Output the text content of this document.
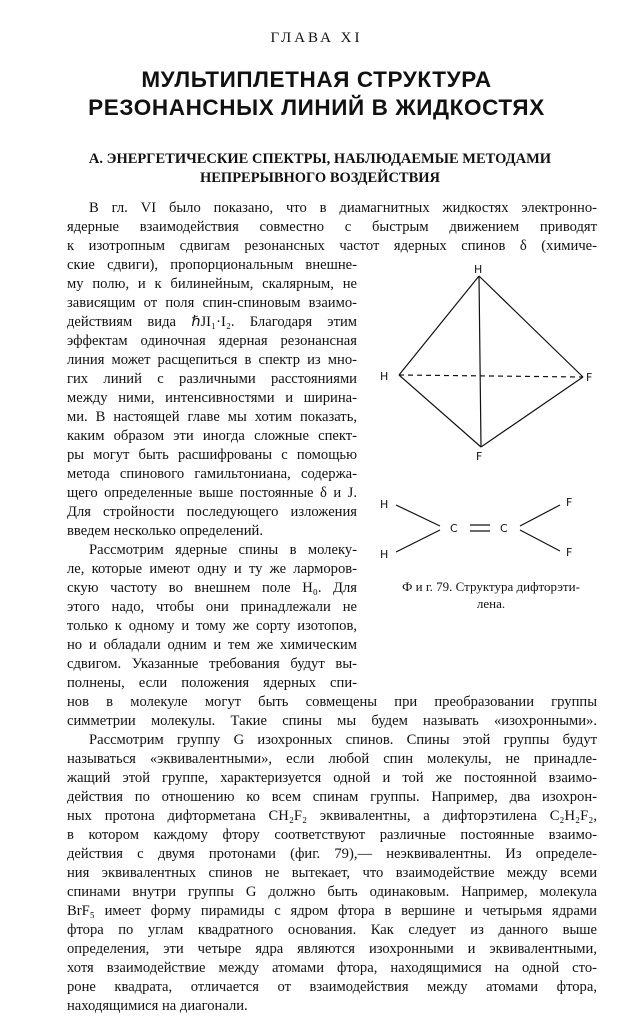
ГЛАВА XI
МУЛЬТИПЛЕТНАЯ СТРУКТУРА
РЕЗОНАНСНЫХ ЛИНИЙ В ЖИДКОСТЯХ
А. ЭНЕРГЕТИЧЕСКИЕ СПЕКТРЫ, НАБЛЮДАЕМЫЕ МЕТОДАМИ
НЕПРЕРЫВНОГО ВОЗДЕЙСТВИЯ
В гл. VI было показано, что в диамагнитных жидкостях электронно-
ядерные взаимодействия совместно с быстрым движением приводят
к изотропным сдвигам резонансных частот ядерных спинов δ (химиче-
ские сдвиги), пропорциональным внешне-
му полю, и к билинейным, скалярным, не
зависящим от поля спин-спиновым взаимо-
действиям вида ℏJI₁·I₂. Благодаря этим
эффектам одиночная ядерная резонансная
линия может расщепиться в спектр из мно-
гих линий с различными расстояниями
между ними, интенсивностями и ширина-
ми. В настоящей главе мы хотим показать,
каким образом эти иногда сложные спект-
ры могут быть расшифрованы с помощью
метода спинового гамильтониана, содержа-
щего определенные выше постоянные δ и J.
Для стройности последующего изложения
введем несколько определений.
Рассмотрим ядерные спины в молеку-
ле, которые имеют одну и ту же ларморов-
скую частоту во внешнем поле H₀. Для
этого надо, чтобы они принадлежали не
только к одному и тому же сорту изотопов,
но и обладали одним и тем же химическим
сдвигом. Указанные требования будут вы-
полнены, если положения ядерных спи-
нов в молекуле могут быть совмещены при преобразовании группы
симметрии молекулы. Такие спины мы будем называть «изохронными».
Рассмотрим группу G изохронных спинов. Спины этой группы будут
называться «эквивалентными», если любой спин молекулы, не принадле-
жащий этой группе, характеризуется одной и той же постоянной взаимо-
действия по отношению ко всем спинам группы. Например, два изохрон-
ных протона дифторметана CH₂F₂ эквивалентны, а дифторэтилена C₂H₂F₂,
в котором каждому фтору соответствуют различные постоянные взаимо-
действия с двумя протонами (фиг. 79),— неэквивалентны. Из определе-
ния эквивалентных спинов не вытекает, что взаимодействие между всеми
спинами внутри группы G должно быть одинаковым. Например, молекула
BrF₅ имеет форму пирамиды с ядром фтора в вершине и четырьмя ядрами
фтора по углам квадратного основания. Как следует из данного выше
определения, эти четыре ядра являются изохронными и эквивалентными,
хотя взаимодействие между атомами фтора, находящимися на одной сто-
роне квадрата, отличается от взаимодействия между атомами фтора,
находящимися на диагонали.
H
H	F
F
H
H
C	C
F
F
Ф и г. 79. Структура дифторэти-
лена.
